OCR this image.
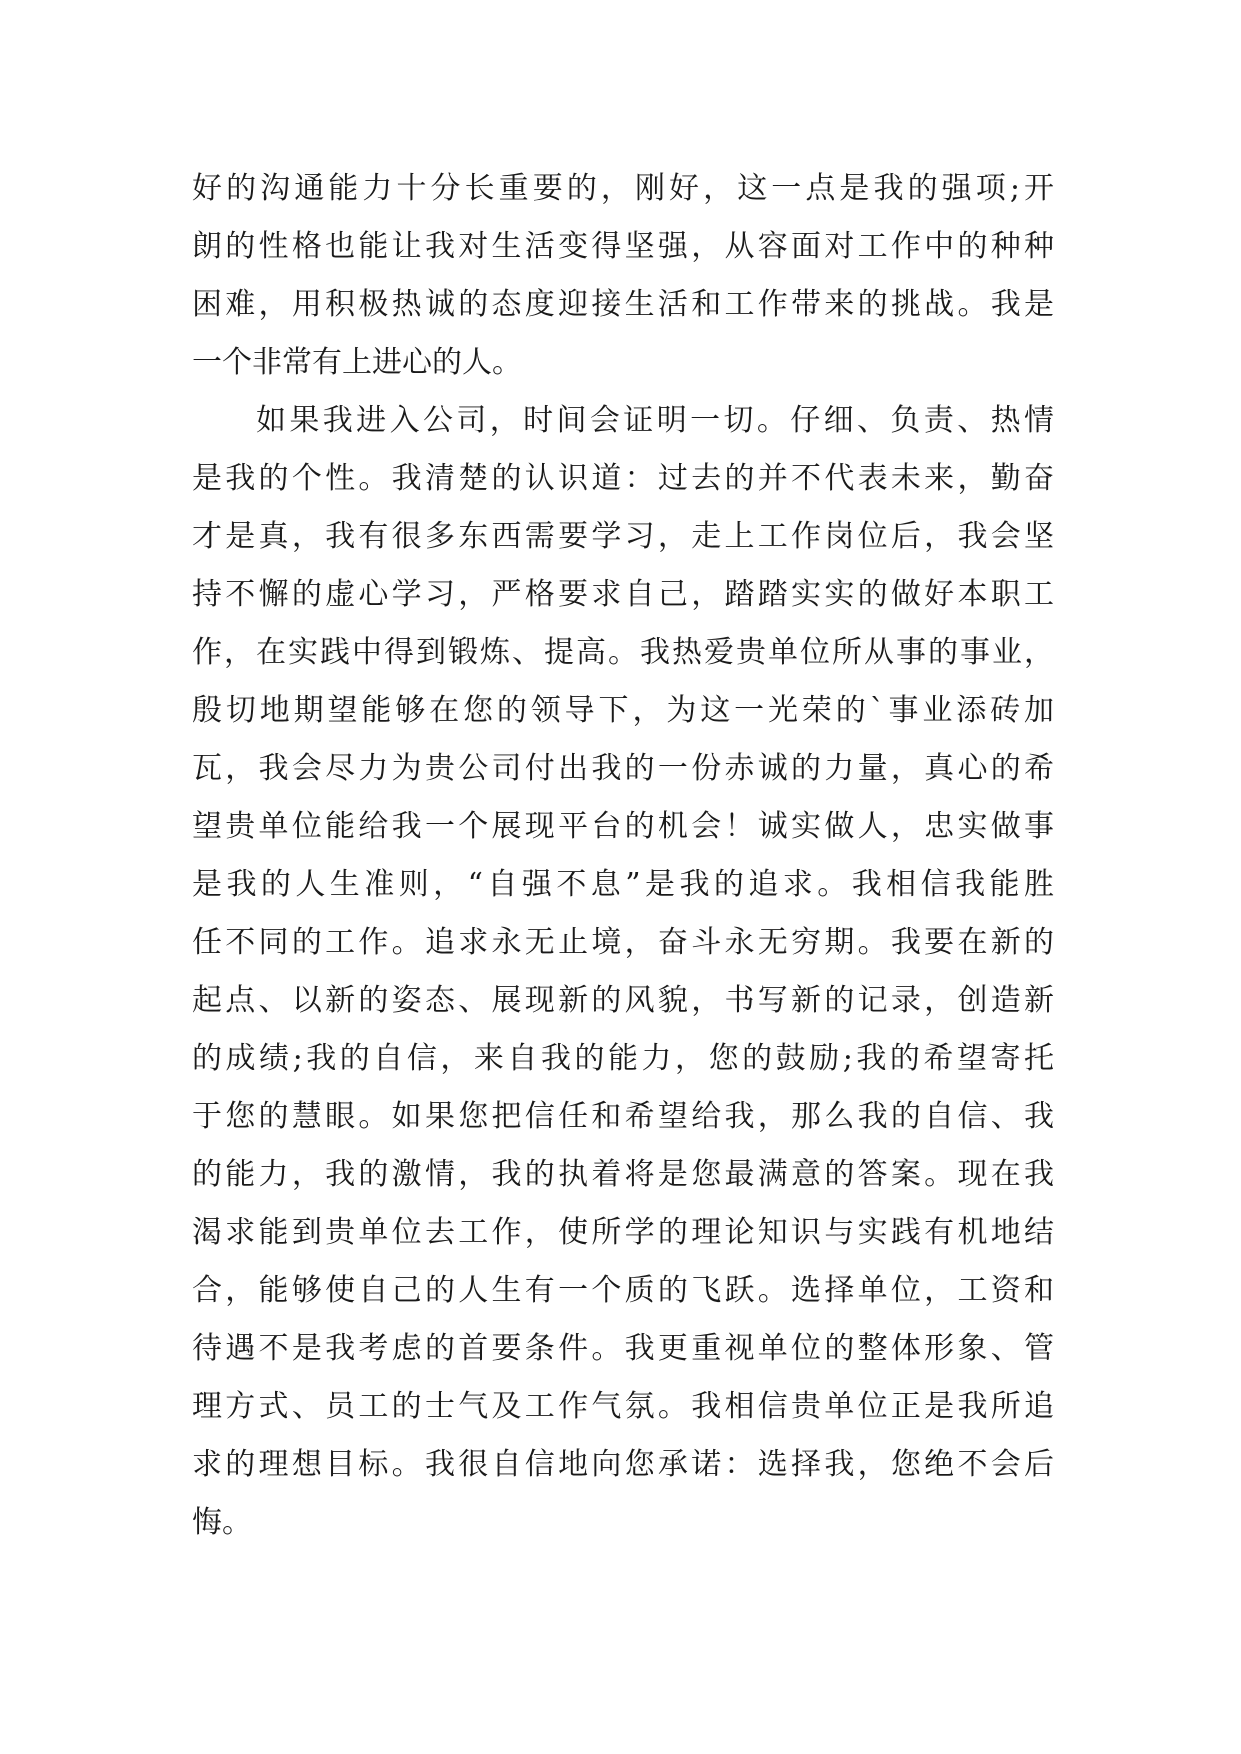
好的沟通能力十分长重要的，刚好，这一点是我的强项;开
朗的性格也能让我对生活变得坚强，从容面对工作中的种种
困难，用积极热诚的态度迎接生活和工作带来的挑战。我是
一个非常有上进心的人。
如果我进入公司，时间会证明一切。仔细、负责、热情
是我的个性。我清楚的认识道：过去的并不代表未来，勤奋
才是真，我有很多东西需要学习，走上工作岗位后，我会坚
持不懈的虚心学习，严格要求自己，踏踏实实的做好本职工
作，在实践中得到锻炼、提高。我热爱贵单位所从事的事业，
殷切地期望能够在您的领导下，为这一光荣的`事业添砖加
瓦，我会尽力为贵公司付出我的一份赤诚的力量，真心的希
望贵单位能给我一个展现平台的机会！诚实做人，忠实做事
是我的人生准则，“自强不息”是我的追求。我相信我能胜
任不同的工作。追求永无止境，奋斗永无穷期。我要在新的
起点、以新的姿态、展现新的风貌，书写新的记录，创造新
的成绩;我的自信，来自我的能力，您的鼓励;我的希望寄托
于您的慧眼。如果您把信任和希望给我，那么我的自信、我
的能力，我的激情，我的执着将是您最满意的答案。现在我
渴求能到贵单位去工作，使所学的理论知识与实践有机地结
合，能够使自己的人生有一个质的飞跃。选择单位，工资和
待遇不是我考虑的首要条件。我更重视单位的整体形象、管
理方式、员工的士气及工作气氛。我相信贵单位正是我所追
求的理想目标。我很自信地向您承诺：选择我，您绝不会后
悔。
